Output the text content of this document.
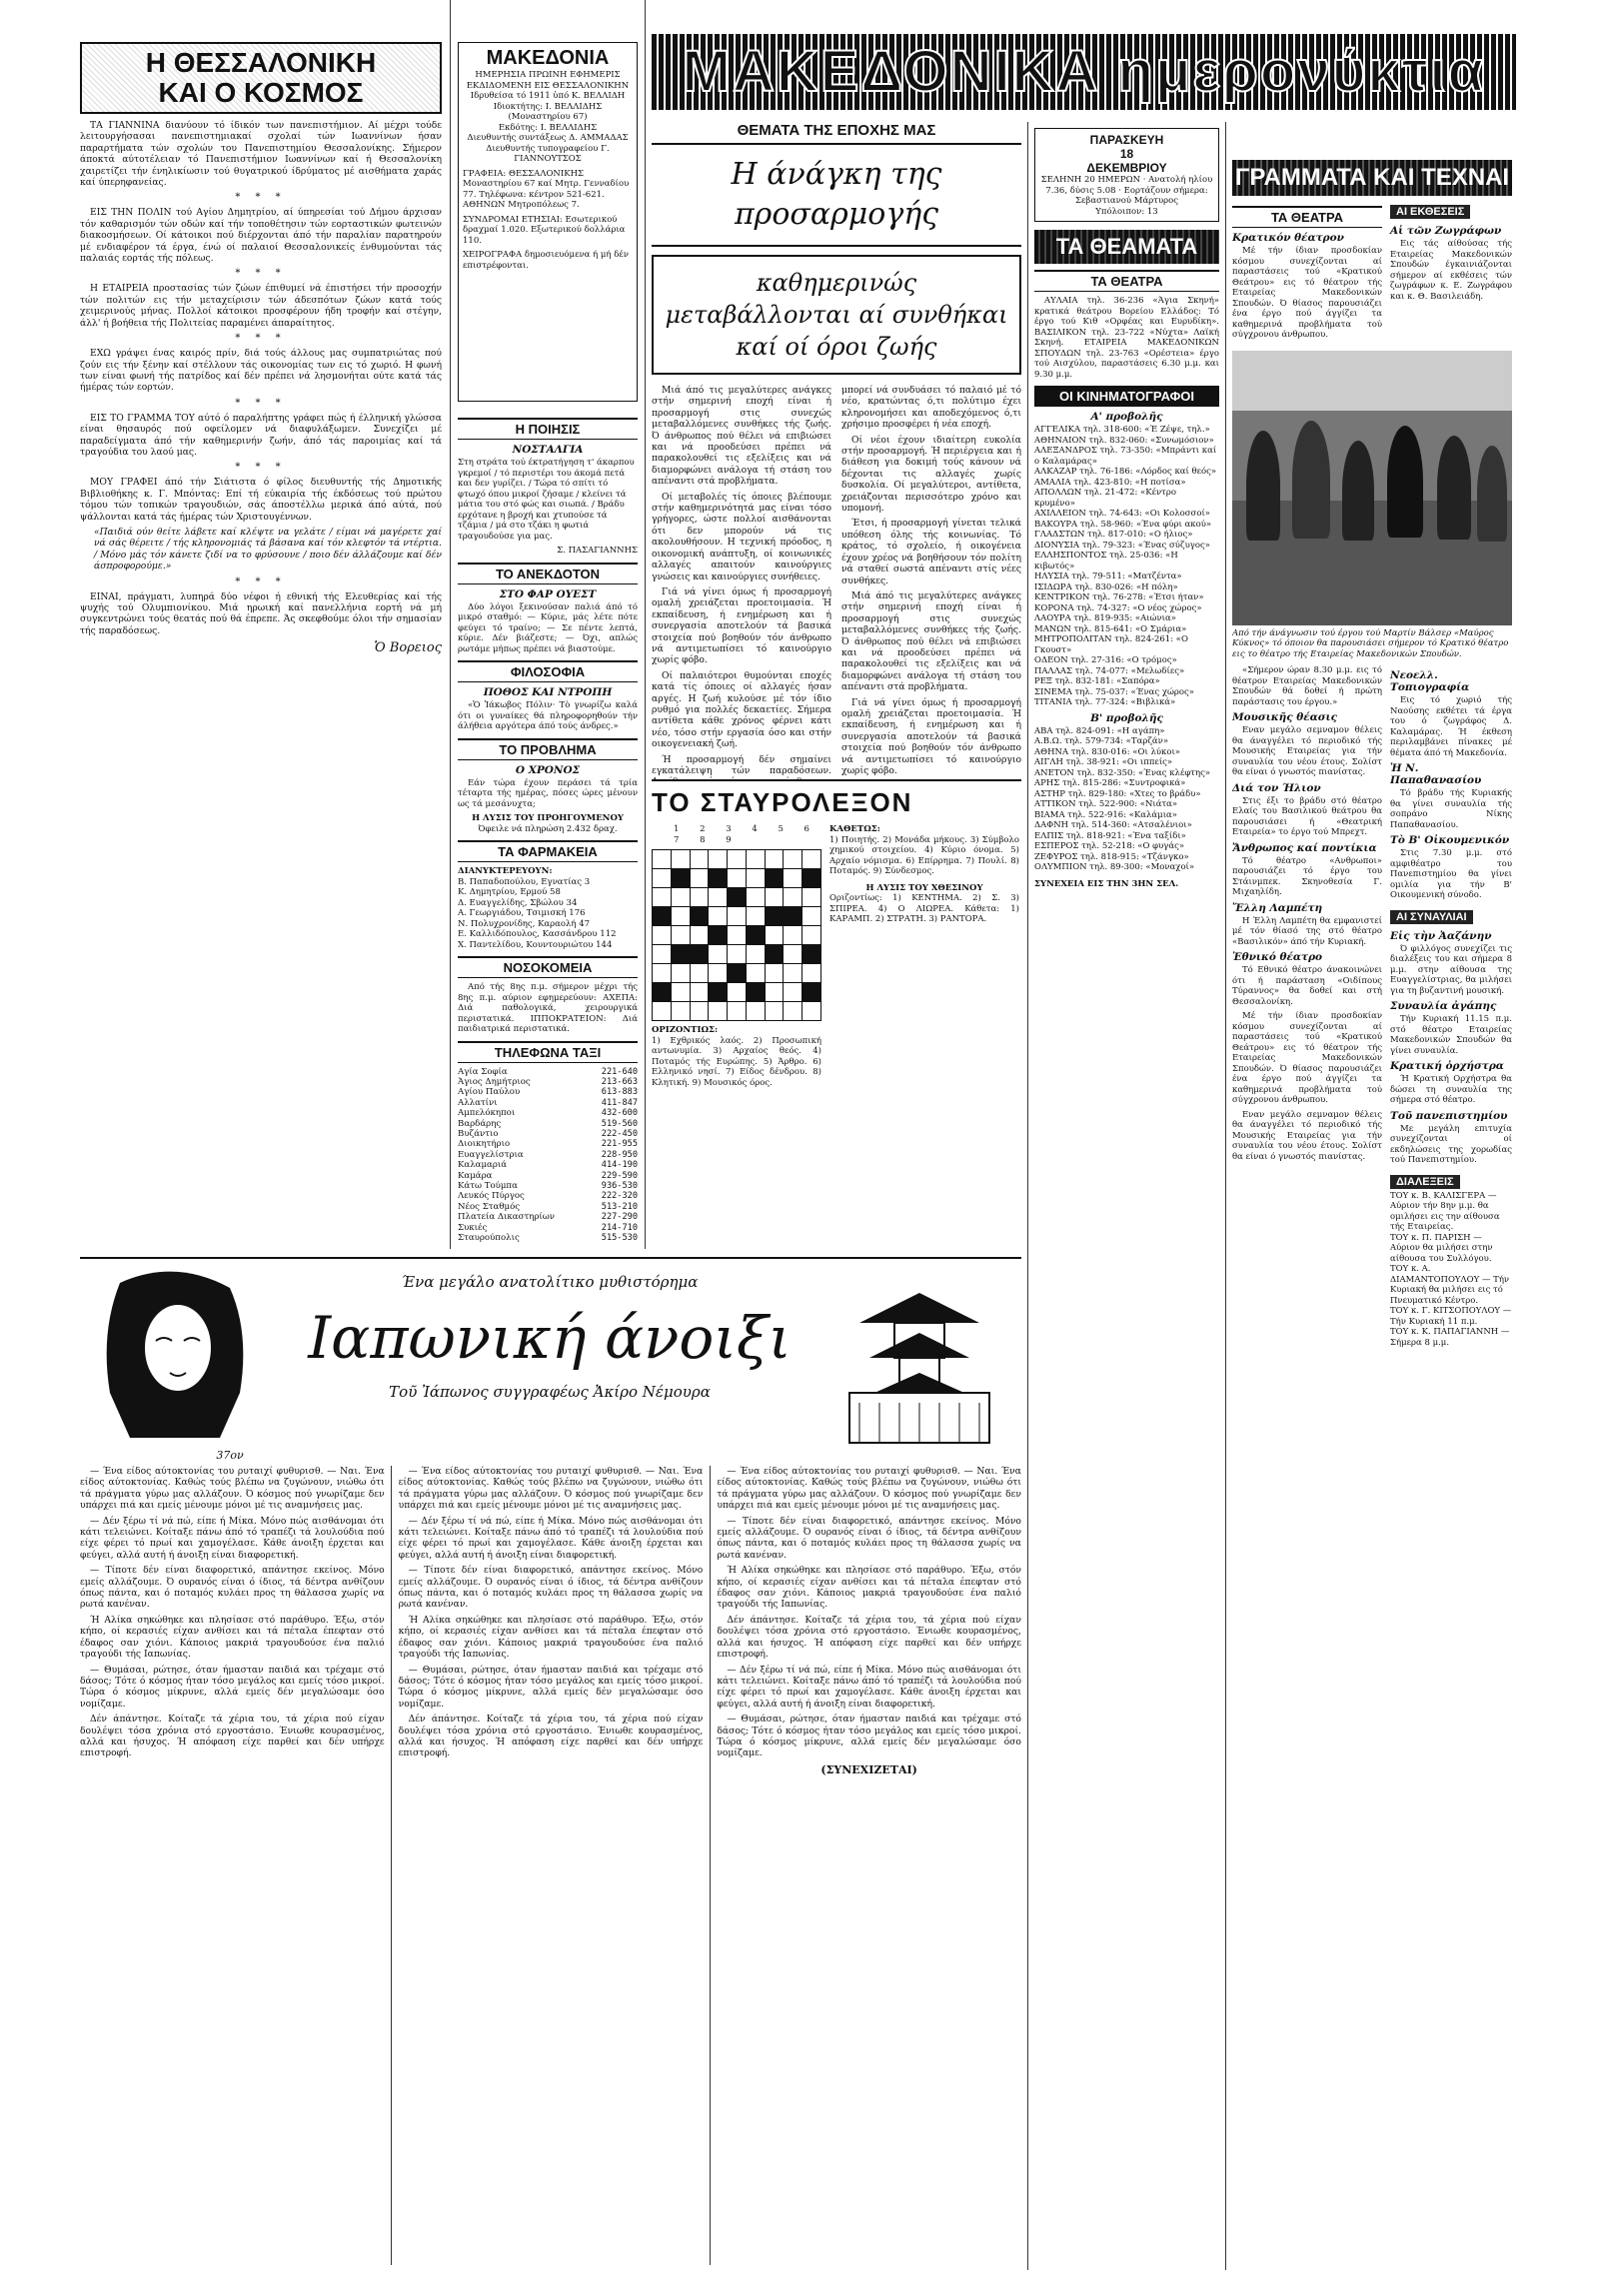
Η ΘΕΣΣΑΛΟΝΙΚΗ
ΚΑΙ Ο ΚΟΣΜΟΣ

ΤΑ ΓΙΑΝΝΙΝΑ διανύουν τό ίδικόν των πανεπιστήμιον. Αί μέχρι τούδε λειτουργήσασαι πανεπιστημιακαί σχολαί τών Ιωαννίνων ήσαν παραρτήματα τών σχολών του Πανεπιστημίου Θεσσαλονίκης. Σήμερον άποκτά αύτοτέλειαν τό Πανεπιστήμιον Ιωαννίνων καί ή Θεσσαλονίκη χαιρετίζει τήν ένηλικίωσιν τού θυγατρικού ίδρύματος μέ αισθήματα χαράς καί ύπερηφανείας.

* * *

ΕΙΣ ΤΗΝ ΠΟΛΙΝ τού Αγίου Δημητρίου, αί ύπηρεσίαι τού Δήμου άρχισαν τόν καθαρισμόν τών οδών καί τήν τοποθέτησιν τών εορταστικών φωτεινών διακοσμήσεων. Οί κάτοικοι πού διέρχονται άπό τήν παραλίαν παρατηρούν μέ ενδιαφέρον τά έργα, ένώ οί παλαιοί Θεσσαλονικείς ένθυμούνται τάς παλαιάς εορτάς τής πόλεως.

* * *

Η ΕΤΑΙΡΕΙΑ προστασίας τών ζώων έπιθυμεί νά έπιστήσει τήν προσοχήν τών πολιτών εις τήν μεταχείρισιν τών άδεσπότων ζώων κατά τούς χειμερινούς μήνας. Πολλοί κάτοικοι προσφέρουν ήδη τροφήν καί στέγην, άλλ' ή βοήθεια τής Πολιτείας παραμένει άπαραίτητος.

* * *

ΕΧΩ γράψει ένας καιρός πρίν, διά τούς άλλους μας συμπατριώτας πού ζούν εις τήν ξένην καί στέλλουν τάς οικονομίας των εις τό χωριό. Η φωνή των είναι φωνή τής πατρίδος καί δέν πρέπει νά λησμονήται ούτε κατά τάς ήμέρας τών εορτών.

* * *

ΕΙΣ ΤΟ ΓΡΑΜΜΑ ΤΟΥ αύτό ό παραλήπτης γράφει πώς ή έλληνική γλώσσα είναι θησαυρός πού οφείλομεν νά διαφυλάξωμεν. Συνεχίζει μέ παραδείγματα άπό τήν καθημερινήν ζωήν, άπό τάς παροιμίας καί τά τραγούδια του λαού μας.

* * *

ΜΟΥ ΓΡΑΦΕΙ άπό τήν Σιάτιστα ό φίλος διευθυντής τής Δημοτικής Βιβλιοθήκης κ. Γ. Μπόντας: Επί τή εύκαιρία τής έκδόσεως τού πρώτου τόμου τών τοπικών τραγουδιών, σάς άποστέλλω μερικά άπό αύτά, πού ψάλλονται κατά τάς ήμέρας τών Χριστουγέννων.

«Παιδιά ούν θείτε λάβετε καί κλέψτε να γελάτε / είμαι νά μαγέρετε χαί νά σάς θέρειτε / τής κληρονομιάς τά βάσανα καί τόν κλεφτόν τά ντέρτια. / Μόνο μάς τόν κάνετε ζιδί να το φρύσουνε / ποιο δέν άλλάζουμε καί δέν άσπροφορούμε.»

* * *

ΕΙΝΑΙ, πράγματι, λυπηρά δύο νέφοι ή εθνική τής Ελευθερίας καί τής ψυχής τού Ολυμπιονίκου. Μιά ηρωική καί πανελλήνια εορτή νά μή συγκεντρώνει τούς θεατάς πού θά έπρεπε. Άς σκεφθούμε όλοι τήν σημασίαν τής παραδόσεως.

Ὁ Βορειος
ΜΑΚΕΔΟΝΙΑ
ΗΜΕΡΗΣΙΑ ΠΡΩΙΝΗ ΕΦΗΜΕΡΙΣ ΕΚΔΙΔΟΜΕΝΗ ΕΙΣ ΘΕΣΣΑΛΟΝΙΚΗΝ
Ιδρυθείσα τό 1911 ὑπό Κ. ΒΕΛΛΙΔΗ
Ιδιοκτήτης: Ι. ΒΕΛΛΙΔΗΣ (Μοναστηρίου 67)
Εκδότης: Ι. ΒΕΛΛΙΔΗΣ
Διευθυντής συντάξεως Δ. ΑΜΜΑΔΑΣ
Διευθυντής τυπογραφείου Γ. ΓΙΑΝΝΟΥΤΣΟΣ
ΓΡΑΦΕΙΑ: ΘΕΣΣΑΛΟΝΙΚΗΣ Μοναστηρίου 67 καί Μητρ. Γενναδίου 77. Τηλέφωνα: κέντρον 521-621. ΑΘΗΝΩΝ Μητροπόλεως 7.
ΣΥΝΔΡΟΜΑΙ ΕΤΗΣΙΑΙ: Εσωτερικού δραχμαί 1.020. Εξωτερικού δολλάρια 110.
ΧΕΙΡΟΓΡΑΦΑ δημοσιευόμενα ή μή δέν επιστρέφονται.
Η ΠΟΙΗΣΙΣ
ΝΟΣΤΑΛΓΙΑ

Στη στράτα τού έκτρατήγηση τ' άκαρπου γκρεμοί / τό περιστέρι του άκομά πετά και δεν γυρίζει. / Τώρα τό σπίτι τό φτωχό όπου μικροί ζήσαμε / κλείνει τά μάτια του στό φώς και σιωπά. / Βράδυ ερχότανε η βροχή και χτυπούσε τά τζάμια / μά στο τζάκι η φωτιά τραγουδούσε για μας.

Σ. ΠΑΣΑΓΙΑΝΝΗΣ
ΤΟ ΑΝΕΚΔΟΤΟΝ
ΣΤΟ ΦΑΡ ΟΥΕΣΤ

Δύο λόγοι ξεκινούσαν παλιά άπό τό μικρό σταθμό: — Κύριε, μάς λέτε πότε φεύγει τό τραίνο; — Σε πέντε λεπτά, κύριε. Δέν βιάζεστε; — Όχι, απλώς ρωτάμε μήπως πρέπει νά βιαστούμε.

ΦΙΛΟΣΟΦΙΑ
ΠΟΘΟΣ ΚΑΙ ΝΤΡΟΠΗ

«Ὁ Ἰάκωβος Πόλιν· Τὸ γνωρίζω καλά ότι οι γυναίκες θά πληροφορηθούν τήν άλήθεια αργότερα άπό τούς άνδρες.»

ΤΟ ΠΡΟΒΛΗΜΑ
Ο ΧΡΟΝΟΣ

Εάν τώρα έχουν περάσει τά τρία τέταρτα τής ημέρας, πόσες ώρες μένουν ως τά μεσάνυχτα;

Η ΛΥΣΙΣ ΤΟΥ ΠΡΟΗΓΟΥΜΕΝΟΥ
Όφειλε νά πληρώση 2.432 δραχ.
ΤΑ ΦΑΡΜΑΚΕΙΑ
ΔΙΑΝΥΚΤΕΡΕΥΟΥΝ:
Β. Παπαδοπούλου, Εγνατίας 3
Κ. Δημητρίου, Ερμού 58
Δ. Ευαγγελίδης, Σβώλου 34
Α. Γεωργιάδου, Τσιμισκή 176
Ν. Πολυχρονίδης, Καραολή 47
Ε. Καλλιδόπουλος, Κασσάνδρου 112
Χ. Παντελίδου, Κουντουριώτου 144
ΝΟΣΟΚΟΜΕΙΑ

Από τής 8ης π.μ. σήμερον μέχρι τής 8ης π.μ. αύριον εφημερεύουν: ΑΧΕΠΑ: Διά παθολογικά, χειρουργικά περιστατικά. ΙΠΠΟΚΡΑΤΕΙΟΝ: Διά παιδιατρικά περιστατικά.

ΤΗΛΕΦΩΝΑ ΤΑΞΙ
Αγία Σοφία	221-640
Άγιος Δημήτριος	213-663
Αγίου Παύλου	613-883
Αλλατίνι	411-847
Αμπελόκηποι	432-600
Βαρδάρης	519-560
Βυζάντιο	222-450
Διοικητήριο	221-955
Ευαγγελίστρια	228-950
Καλαμαριά	414-190
Καμάρα	229-590
Κάτω Τούμπα	936-530
Λευκός Πύργος	222-320
Νέος Σταθμός	513-210
Πλατεία Δικαστηρίων	227-290
Συκιές	214-710
Σταυρούπολις	515-530
ΜΑΚΕΔΟΝΙΚΑ ημερονύκτια
ΘΕΜΑΤΑ ΤΗΣ ΕΠΟΧΗΣ ΜΑΣ
Η άνάγκη της προσαρμογής
καθημερινώς μεταβάλλονται αί συνθήκαι καί οί όροι ζωής

Μιά άπό τις μεγαλύτερες ανάγκες στήν σημερινή εποχή είναι ή προσαρμογή στις συνεχώς μεταβαλλόμενες συνθήκες τής ζωής. Ό άνθρωπος πού θέλει νά επιβιώσει και νά προοδεύσει πρέπει νά παρακολουθεί τις εξελίξεις και νά διαμορφώνει ανάλογα τή στάση του απέναντι στά προβλήματα.

Οί μεταβολές τίς όποιες βλέπουμε στήν καθημερινότητά μας είναι τόσο γρήγορες, ώστε πολλοί αισθάνονται ότι δεν μπορούν νά τις ακολουθήσουν. Η τεχνική πρόοδος, η οικονομική ανάπτυξη, οί κοινωνικές αλλαγές απαιτούν καινούργιες γνώσεις και καινούργιες συνήθειες.

Γιά νά γίνει όμως ή προσαρμογή ομαλή χρειάζεται προετοιμασία. Ή εκπαίδευση, ή ενημέρωση και ή συνεργασία αποτελούν τά βασικά στοιχεία πού βοηθούν τόν άνθρωπο νά αντιμετωπίσει τό καινούργιο χωρίς φόβο.

Οί παλαιότεροι θυμούνται εποχές κατά τίς όποιες οί αλλαγές ήσαν αργές. Η ζωή κυλούσε μέ τόν ίδιο ρυθμό για πολλές δεκαετίες. Σήμερα αντίθετα κάθε χρόνος φέρνει κάτι νέο, τόσο στήν εργασία όσο και στήν οικογενειακή ζωή.

Ή προσαρμογή δέν σημαίνει εγκατάλειψη τών παραδόσεων. μπορεί νά συνδυάσει τό παλαιό μέ τό νέο, κρατώντας ό,τι πολύτιμο έχει κληρονομήσει και αποδεχόμενος ό,τι χρήσιμο προσφέρει ή νέα εποχή.

Οί νέοι έχουν ιδιαίτερη ευκολία στήν προσαρμογή. Ή περιέργεια και ή διάθεση για δοκιμή τούς κάνουν νά δέχονται τις αλλαγές χωρίς δυσκολία. Οί μεγαλύτεροι, αντίθετα, χρειάζονται περισσότερο χρόνο και υπομονή.

Έτσι, ή προσαρμογή γίνεται τελικά υπόθεση όλης τής κοινωνίας. Τό κράτος, τό σχολείο, ή οικογένεια έχουν χρέος νά βοηθήσουν τόν πολίτη νά σταθεί σωστά απέναντι στίς νέες συνθήκες.

Μιά άπό τις μεγαλύτερες ανάγκες στήν σημερινή εποχή είναι ή προσαρμογή στις συνεχώς μεταβαλλόμενες συνθήκες τής ζωής. Ό άνθρωπος πού θέλει νά επιβιώσει και νά προοδεύσει πρέπει νά παρακολουθεί τις εξελίξεις και νά διαμορφώνει ανάλογα τή στάση του απέναντι στά προβλήματα.

Γιά νά γίνει όμως ή προσαρμογή ομαλή χρειάζεται προετοιμασία. Ή εκπαίδευση, ή ενημέρωση και ή συνεργασία αποτελούν τά βασικά στοιχεία πού βοηθούν τόν άνθρωπο νά αντιμετωπίσει τό καινούργιο χωρίς φόβο.

ΤΟ ΣΤΑΥΡΟΛΕΞΟΝ
1 2 3 4 5 6 7 8 9

ΟΡΙΖΟΝΤΙΩΣ:

1) Εχθρικός λαός. 2) Προσωπική αντωνυμία. 3) Αρχαίος θεός. 4) Ποταμός τής Ευρώπης. 5) Άρθρο. 6) Ελληνικό νησί. 7) Είδος δένδρου. 8) Κλητική. 9) Μουσικός όρος.

ΚΑΘΕΤΩΣ:

1) Ποιητής. 2) Μονάδα μήκους. 3) Σύμβολο χημικού στοιχείου. 4) Κύριο όνομα. 5) Αρχαίο νόμισμα. 6) Επίρρημα. 7) Πουλί. 8) Ποταμός. 9) Σύνδεσμος.

Η ΛΥΣΙΣ ΤΟΥ ΧΘΕΣΙΝΟΥ

Οριζοντίως: 1) ΚΕΝΤΗΜΑ. 2) Σ. 3) ΣΠΙΡΕΑ. 4) Ο ΛΙΩΡΕΑ. Κάθετα: 1) ΚΑΡΑΜΠ. 2) ΣΤΡΑΤΗ. 3) ΡΑΝΤΟΡΑ.

ΠΑΡΑΣΚΕΥΗ
18
ΔΕΚΕΜΒΡΙΟΥ
ΣΕΛΗΝΗ 20 ΗΜΕΡΩΝ · Ανατολή ηλίου 7.36, δύσις 5.08 · Εορτάζουν σήμερα: Σεβαστιανού Μάρτυρος
Υπόλοιπον: 13
ΤΑ ΘΕΑΜΑΤΑ
ΤΑ ΘΕΑΤΡΑ

ΑΥΛΑΙΑ τηλ. 36-236 «Άγια Σκηνή» κρατικά θεάτρου Βορείου Ελλάδος: Τό έργο τού Κιθ «Ορφέας και Ευρυδίκη». ΒΑΣΙΛΙΚΟΝ τηλ. 23-722 «Νύχτα» Λαϊκή Σκηνή. ΕΤΑΙΡΕΙΑ ΜΑΚΕΔΟΝΙΚΩΝ ΣΠΟΥΔΩΝ τηλ. 23-763 «Ορέστεια» έργο τού Αισχύλου, παραστάσεις 6.30 μ.μ. και 9.30 μ.μ.

ΟΙ ΚΙΝΗΜΑΤΟΓΡΑΦΟΙ
Α' προβολῆς
ΑΓΓΕΛΙΚΑ τηλ. 318-600: «Έ Ζέψε, τηλ.»
ΑΘΗΝΑΙΟΝ τηλ. 832-060: «Συνωμόσιον»
ΑΛΕΞΑΝΔΡΟΣ τηλ. 73-350: «Μπράντι καί ο Καλαμάρας»
ΑΛΚΑΖΑΡ τηλ. 76-186: «Λόρδος καί θεός»
ΑΜΑΛΙΑ τηλ. 423-810: «Η ποτίσα»
ΑΠΟΛΛΩΝ τηλ. 21-472: «Κέντρο κρυμένο»
ΑΧΙΛΛΕΙΟΝ τηλ. 74-643: «Οι Κολοσσοί»
ΒΑΚΟΥΡΑ τηλ. 58-960: «Ένα φύρι ακού»
ΓΛΑΔΣΤΩΝ τηλ. 817-010: «Ο ήλιος»
ΔΙΟΝΥΣΙΑ τηλ. 79-323: «Ένας σύζυγος»
ΕΛΛΗΣΠΟΝΤΟΣ τηλ. 25-036: «Η κιβωτός»
ΗΛΥΣΙΑ τηλ. 79-511: «Ματζέντα»
ΙΣΙΔΩΡΑ τηλ. 830-026: «Η πόλη»
ΚΕΝΤΡΙΚΟΝ τηλ. 76-278: «Έτσι ήταν»
ΚΟΡΟΝΑ τηλ. 74-327: «Ο νέος χώρος»
ΛΑΟΥΡΑ τηλ. 819-935: «Αιώνια»
ΜΑΝΩΝ τηλ. 815-641: «Ο Σμάρια»
ΜΗΤΡΟΠΟΛΙΤΑΝ τηλ. 824-261: «Ο Γκουστ»
ΟΔΕΟΝ τηλ. 27-316: «Ο τρόμος»
ΠΑΛΛΑΣ τηλ. 74-077: «Μελωδίες»
ΡΕΞ τηλ. 832-181: «Σαπόρα»
ΣΙΝΕΜΑ τηλ. 75-037: «Ένας χώρος»
ΤΙΤΑΝΙΑ τηλ. 77-324: «Βιβλικά»
Β' προβολῆς
ΑΒΑ τηλ. 824-091: «Η αγάπη»
Α.Β.Ω. τηλ. 579-734: «Ταρζάν»
ΑΘΗΝΑ τηλ. 830-016: «Οι λύκοι»
ΑΙΓΛΗ τηλ. 38-921: «Οι ιππείς»
ΑΝΕΤΟΝ τηλ. 832-350: «Ένας κλέφτης»
ΑΡΗΣ τηλ. 815-286: «Συντροφικά»
ΑΣΤΗΡ τηλ. 829-180: «Χτες το βράδυ»
ΑΤΤΙΚΟΝ τηλ. 522-900: «Νιάτα»
ΒΙΑΜΑ τηλ. 522-916: «Καλάμια»
ΔΑΦΝΗ τηλ. 514-360: «Ατσαλένιοι»
ΕΛΠΙΣ τηλ. 818-921: «Ένα ταξίδι»
ΕΣΠΕΡΟΣ τηλ. 52-218: «Ο φυγάς»
ΖΕΦΥΡΟΣ τηλ. 818-915: «Τζάνγκο»
ΟΛΥΜΠΙΟΝ τηλ. 89-300: «Μοναχοί»
ΣΥΝΕΧΕΙΑ ΕΙΣ ΤΗΝ 3ΗΝ ΣΕΛ.
ΓΡΑΜΜΑΤΑ ΚΑΙ ΤΕΧΝΑΙ
ΤΑ ΘΕΑΤΡΑ
Κρατικόν θέατρον

Μέ τήν ίδιαν προσδοκίαν κόσμου συνεχίζονται αί παραστάσεις τού «Κρατικού Θεάτρου» εις τό θέατρον τής Εταιρείας Μακεδονικών Σπουδών. Ό θίασος παρουσιάζει ένα έργο πού άγγίζει τα καθημερινά προβλήματα τού σύγχρονου άνθρωπου.

ΑΙ ΕΚΘΕΣΕΙΣ
Αἱ τῶν Ζωγράφων

Εις τάς αίθούσας τής Εταιρείας Μακεδονικών Σπουδών έγκαινιάζονται σήμερον αί εκθέσεις τών ζωγράφων κ. Ε. Ζωγράφου και κ. Θ. Βασιλειάδη.

Από τήν άνάγνωσιν τού έργου τού Μαρτίν Βάλσερ «Μαύρος Κύκνος» τό όποιον θα παρουσιάσει σήμερον τό Κρατικό θέατρο εις το θέατρο τής Εταιρείας Μακεδονικών Σπουδών.

«Σήμερον ώραν 8.30 μ.μ. εις τό θέατρον Εταιρείας Μακεδονικών Σπουδών θά δοθεί ή πρώτη παράστασις του έργου.»

Μουσικῆς θέασις

Εναν μεγάλο σεμναμον θέλεις θα άναγγέλει τό περιοδικό τής Μουσικής Εταιρείας για τήν συναυλία του νέου έτους. Σολίστ θα είναι ό γνωστός πιανίστας.

Διά τον Ήλιον

Στις έξι το βράδυ στό θέατρο Ελαίς του Βασιλικού θεάτρου θα παρουσιάσει ή «Θεατρική Εταιρεία» το έργο τού Μπρεχτ.

Ἄνθρωπος καί ποντίκια

Τό θέατρο «Ανθρωποι» παρουσιάζει τό έργο του Στάινμπεκ. Σκηνοθεσία Γ. Μιχαηλίδη.

Ἔλλη Λαμπέτη

Η Έλλη Λαμπέτη θα εμφανιστεί μέ τόν θίασό της στό θέατρο «Βασιλικόν» άπό τήν Κυριακή.

Ἐθνικό θέατρο

Τό Εθνικό θέατρο άνακοινώνει ότι ή παράσταση «Οιδίπους Τύραννος» θα δοθεί και στή Θεσσαλονίκη.

Μέ τήν ίδιαν προσδοκίαν κόσμου συνεχίζονται αί παραστάσεις τού «Κρατικού Θεάτρου» εις τό θέατρον τής Εταιρείας Μακεδονικών Σπουδών. Ό θίασος παρουσιάζει ένα έργο πού άγγίζει τα καθημερινά προβλήματα τού σύγχρονου άνθρωπου.

Εναν μεγάλο σεμναμον θέλεις θα άναγγέλει τό περιοδικό τής Μουσικής Εταιρείας για τήν συναυλία του νέου έτους. Σολίστ θα είναι ό γνωστός πιανίστας.

Νεοελλ. Τοπιογραφία

Εις τό χωριό τής Ναούσης εκθέτει τά έργα του ό ζωγράφος Δ. Καλαμάρας. Ή έκθεση περιλαμβάνει πίνακες μέ θέματα άπό τή Μακεδονία.

Ἡ Ν. Παπαθανασίου

Τό βράδυ τής Κυριακής θα γίνει συναυλία τής σοπράνο Νίκης Παπαθανασίου.

Τὸ Β' Οἰκουμενικόν

Στις 7.30 μ.μ. στό αμφιθέατρο του Πανεπιστημίου θα γίνει ομιλία για τήν Β' Οικουμενική σύνοδο.

ΑΙ ΣΥΝΑΥΛΙΑΙ
Εἰς τὴν Ἀαζάνην

Ό φιλλόγος συνεχίζει τις διαλέξεις του και σήμερα 8 μ.μ. στην αίθουσα της Ευαγγελίστριας, θα μιλήσει για τη βυζαντινή μουσική.

Συναυλία ἀγάπης

Τήν Κυριακή 11.15 π.μ. στό θέατρο Εταιρείας Μακεδονικών Σπουδών θα γίνει συναυλία.

Κρατική ὀρχήστρα

Ή Κρατική Ορχήστρα θα δώσει τη συναυλία της σήμερα στό θέατρο.

Τοῦ πανεπιστημίου

Με μεγάλη επιτυχία συνεχίζονται οί εκδηλώσεις της χορωδίας τού Πανεπιστημίου.

ΔΙΑΛΕΞΕΙΣ
ΤΟΥ κ. Β. ΚΑΛΙΣΓΕΡΑ — Αύριον τήν 8ην μ.μ. θα ομιλήσει εις την αίθουσα τής Εταιρείας.
ΤΟΥ κ. Π. ΠΑΡΙΣΗ — Αύριον θα μιλήσει στην αίθουσα του Συλλόγου.
ΤΟΥ κ. Α. ΔΙΑΜΑΝΤΟΠΟΥΛΟΥ — Τήν Κυριακή θα μιλήσει εις τό Πνευματικό Κέντρο.
ΤΟΥ κ. Γ. ΚΙΤΣΟΠΟΥΛΟΥ — Τήν Κυριακή 11 π.μ.
ΤΟΥ κ. Κ. ΠΑΠΑΓΙΑΝΝΗ — Σήμερα 8 μ.μ.
Ένα μεγάλο ανατολίτικο μυθιστόρημα
Ιαπωνική άνοιξι
Τοῦ Ἰάπωνος συγγραφέως Ἀκίρο Νέμουρα
37ον

— Ένα είδος αύτοκτονίας του ρυταιχί φυθυρισθ. — Ναι. Ένα είδος αύτοκτονίας. Καθώς τούς βλέπω να ζυγώνουν, νιώθω ότι τά πράγματα γύρω μας αλλάζουν. Ό κόσμος πού γνωρίζαμε δεν υπάρχει πιά και εμείς μένουμε μόνοι μέ τις αναμνήσεις μας.

— Δέν ξέρω τί νά πώ, είπε ή Μίκα. Μόνο πώς αισθάνομαι ότι κάτι τελειώνει. Κοίταξε πάνω άπό τό τραπέζι τά λουλούδια πού είχε φέρει τό πρωί και χαμογέλασε. Κάθε άνοιξη έρχεται και φεύγει, αλλά αυτή ή άνοιξη είναι διαφορετική.

— Τίποτε δέν είναι διαφορετικό, απάντησε εκείνος. Μόνο εμείς αλλάζουμε. Ό ουρανός είναι ό ίδιος, τά δέντρα ανθίζουν όπως πάντα, και ό ποταμός κυλάει προς τη θάλασσα χωρίς να ρωτά κανέναν.

Ή Αλίκα σηκώθηκε και πλησίασε στό παράθυρο. Έξω, στόν κήπο, οί κερασιές είχαν ανθίσει και τά πέταλα έπεφταν στό έδαφος σαν χιόνι. Κάποιος μακριά τραγουδούσε ένα παλιό τραγούδι τής Ιαπωνίας.

— Θυμάσαι, ρώτησε, όταν ήμασταν παιδιά και τρέχαμε στό δάσος; Τότε ό κόσμος ήταν τόσο μεγάλος και εμείς τόσο μικροί. Τώρα ό κόσμος μίκρυνε, αλλά εμείς δέν μεγαλώσαμε όσο νομίζαμε.

Δέν άπάντησε. Κοίταζε τά χέρια του, τά χέρια πού είχαν δουλέψει τόσα χρόνια στό εργοστάσιο. Ένιωθε κουρασμένος, αλλά και ήσυχος. Ή απόφαση είχε παρθεί και δέν υπήρχε επιστροφή.

— Ένα είδος αύτοκτονίας του ρυταιχί φυθυρισθ. — Ναι. Ένα είδος αύτοκτονίας. Καθώς τούς βλέπω να ζυγώνουν, νιώθω ότι τά πράγματα γύρω μας αλλάζουν. Ό κόσμος πού γνωρίζαμε δεν υπάρχει πιά και εμείς μένουμε μόνοι μέ τις αναμνήσεις μας.

— Δέν ξέρω τί νά πώ, είπε ή Μίκα. Μόνο πώς αισθάνομαι ότι κάτι τελειώνει. Κοίταξε πάνω άπό τό τραπέζι τά λουλούδια πού είχε φέρει τό πρωί και χαμογέλασε. Κάθε άνοιξη έρχεται και φεύγει, αλλά αυτή ή άνοιξη είναι διαφορετική.

— Τίποτε δέν είναι διαφορετικό, απάντησε εκείνος. Μόνο εμείς αλλάζουμε. Ό ουρανός είναι ό ίδιος, τά δέντρα ανθίζουν όπως πάντα, και ό ποταμός κυλάει προς τη θάλασσα χωρίς να ρωτά κανέναν.

Ή Αλίκα σηκώθηκε και πλησίασε στό παράθυρο. Έξω, στόν κήπο, οί κερασιές είχαν ανθίσει και τά πέταλα έπεφταν στό έδαφος σαν χιόνι. Κάποιος μακριά τραγουδούσε ένα παλιό τραγούδι τής Ιαπωνίας.

— Θυμάσαι, ρώτησε, όταν ήμασταν παιδιά και τρέχαμε στό δάσος; Τότε ό κόσμος ήταν τόσο μεγάλος και εμείς τόσο μικροί. Τώρα ό κόσμος μίκρυνε, αλλά εμείς δέν μεγαλώσαμε όσο νομίζαμε.

Δέν άπάντησε. Κοίταζε τά χέρια του, τά χέρια πού είχαν δουλέψει τόσα χρόνια στό εργοστάσιο. Ένιωθε κουρασμένος, αλλά και ήσυχος. Ή απόφαση είχε παρθεί και δέν υπήρχε επιστροφή.

— Ένα είδος αύτοκτονίας του ρυταιχί φυθυρισθ. — Ναι. Ένα είδος αύτοκτονίας. Καθώς τούς βλέπω να ζυγώνουν, νιώθω ότι τά πράγματα γύρω μας αλλάζουν. Ό κόσμος πού γνωρίζαμε δεν υπάρχει πιά και εμείς μένουμε μόνοι μέ τις αναμνήσεις μας.

— Τίποτε δέν είναι διαφορετικό, απάντησε εκείνος. Μόνο εμείς αλλάζουμε. Ό ουρανός είναι ό ίδιος, τά δέντρα ανθίζουν όπως πάντα, και ό ποταμός κυλάει προς τη θάλασσα χωρίς να ρωτά κανέναν.

Ή Αλίκα σηκώθηκε και πλησίασε στό παράθυρο. Έξω, στόν κήπο, οί κερασιές είχαν ανθίσει και τά πέταλα έπεφταν στό έδαφος σαν χιόνι. Κάποιος μακριά τραγουδούσε ένα παλιό τραγούδι τής Ιαπωνίας.

Δέν άπάντησε. Κοίταζε τά χέρια του, τά χέρια πού είχαν δουλέψει τόσα χρόνια στό εργοστάσιο. Ένιωθε κουρασμένος, αλλά και ήσυχος. Ή απόφαση είχε παρθεί και δέν υπήρχε επιστροφή.

— Δέν ξέρω τί νά πώ, είπε ή Μίκα. Μόνο πώς αισθάνομαι ότι κάτι τελειώνει. Κοίταξε πάνω άπό τό τραπέζι τά λουλούδια πού είχε φέρει τό πρωί και χαμογέλασε. Κάθε άνοιξη έρχεται και φεύγει, αλλά αυτή ή άνοιξη είναι διαφορετική.

— Θυμάσαι, ρώτησε, όταν ήμασταν παιδιά και τρέχαμε στό δάσος; Τότε ό κόσμος ήταν τόσο μεγάλος και εμείς τόσο μικροί. Τώρα ό κόσμος μίκρυνε, αλλά εμείς δέν μεγαλώσαμε όσο νομίζαμε.

(ΣΥΝΕΧΙΖΕΤΑΙ)
